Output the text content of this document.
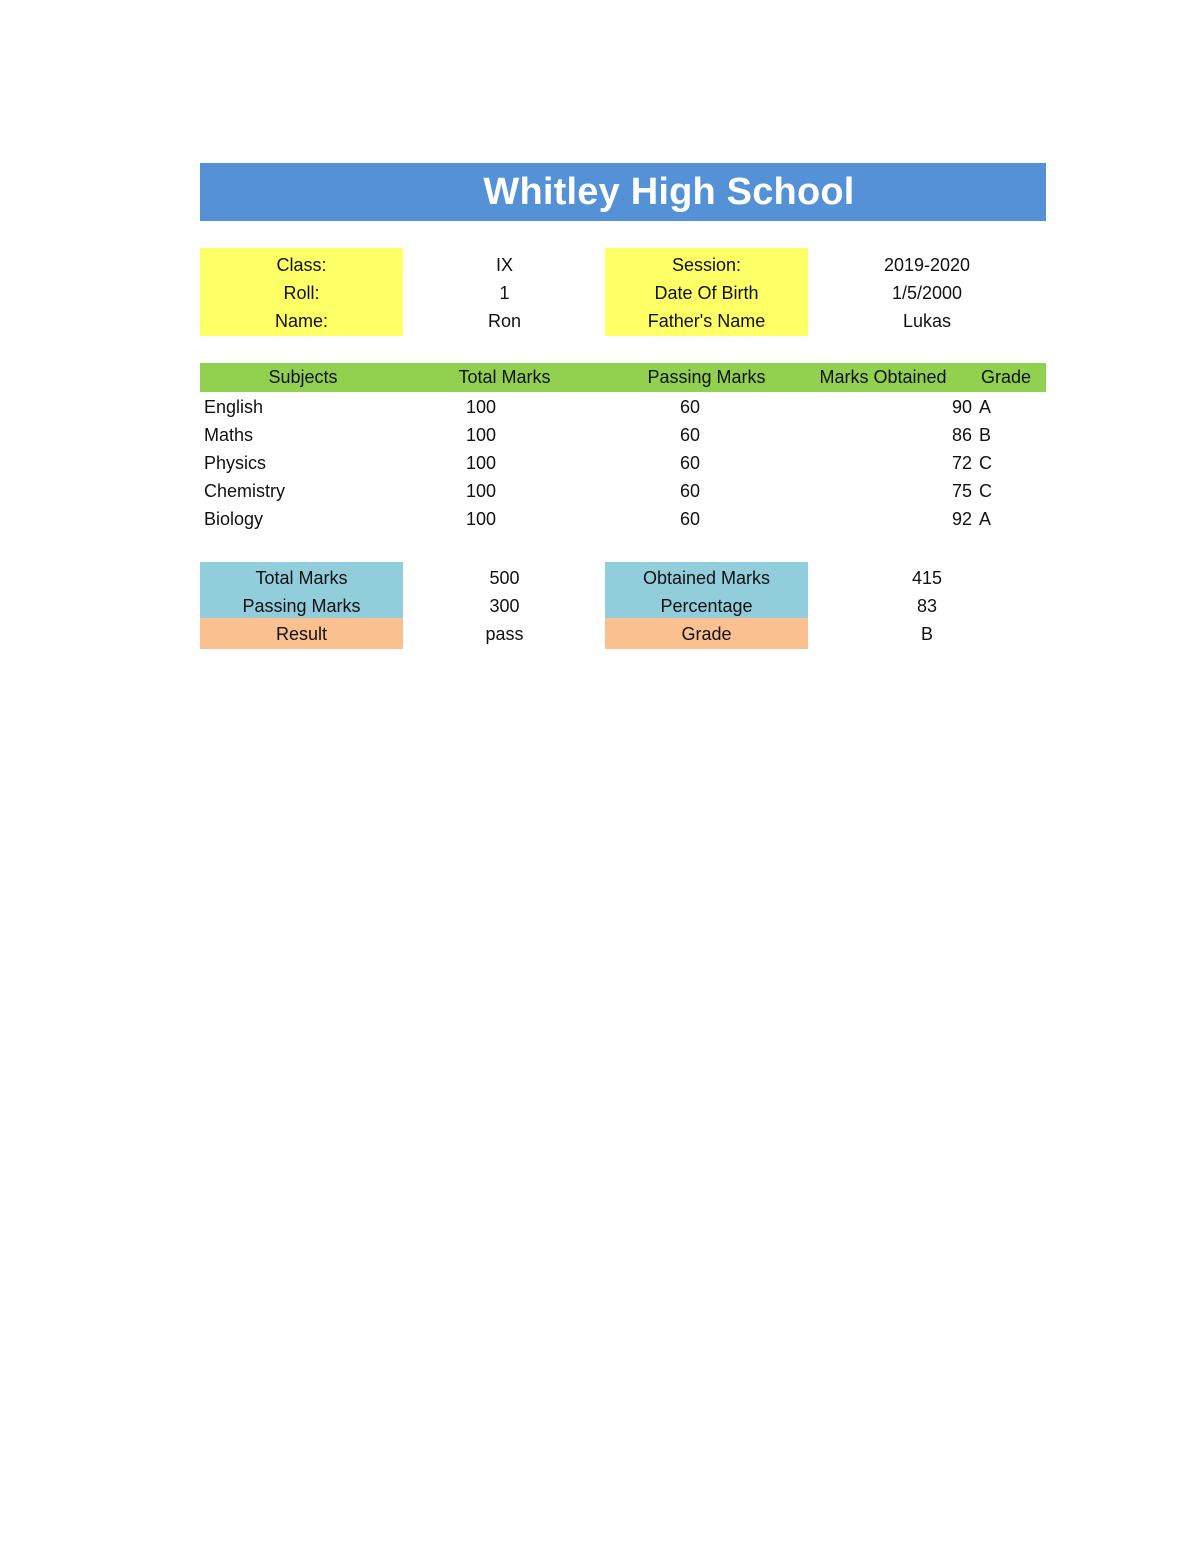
Whitley High School
Class:	IX	Session:	2019-2020
Roll:	1	Date Of Birth	1/5/2000
Name:	Ron	Father's Name	Lukas
Subjects	Total Marks	Passing Marks	Marks Obtained	Grade
English	100	60	90 A
Maths	100	60	86 B
Physics	100	60	72 C
Chemistry	100	60	75 C
Biology	100	60	92 A
Total Marks	500	Obtained Marks	415
Passing Marks	300	Percentage	83
Result	pass	Grade	B
